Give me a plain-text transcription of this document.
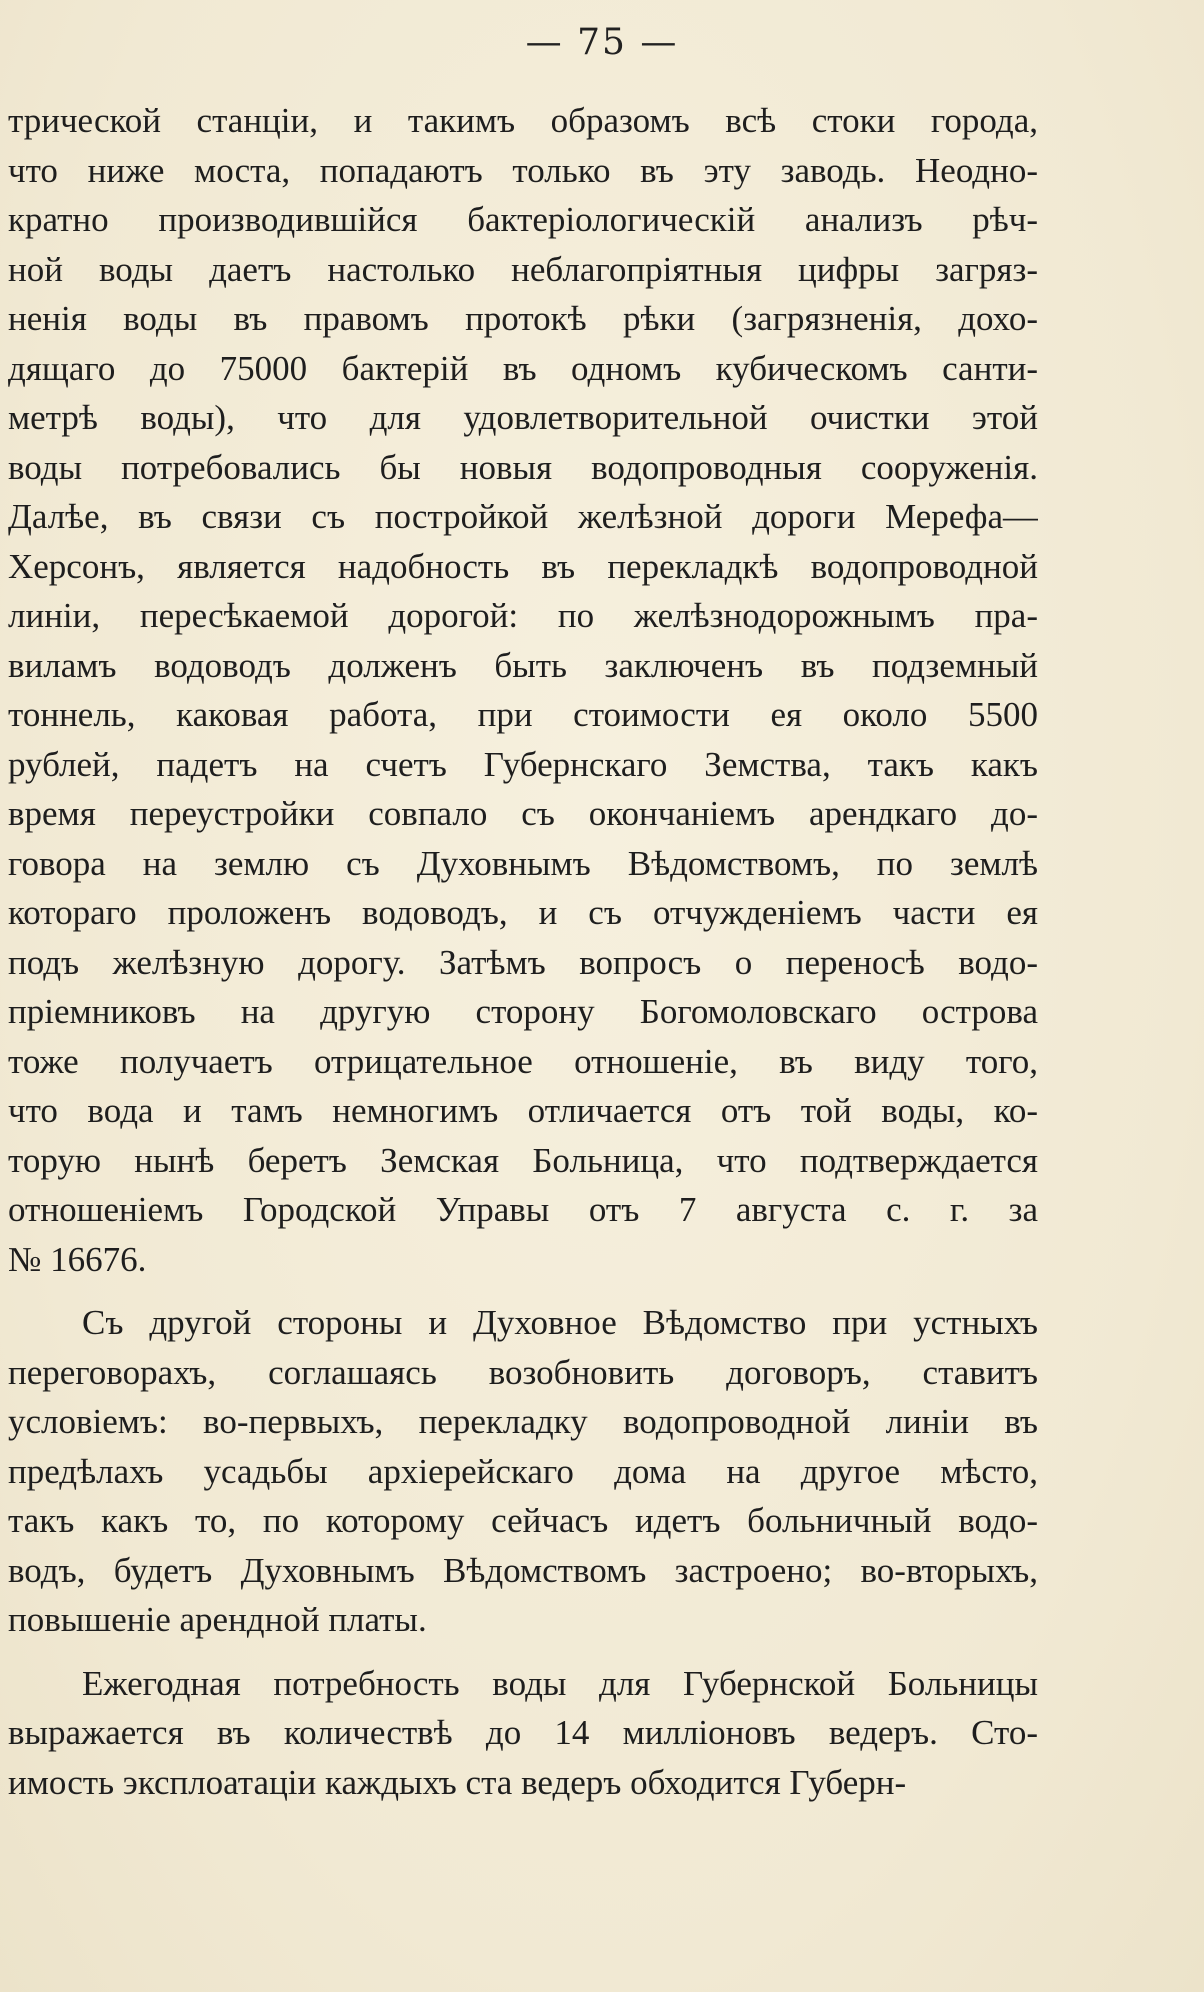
— 75 —
трической станціи, и такимъ образомъ всѣ стоки города,
что ниже моста, попадаютъ только въ эту заводь. Неодно-
кратно производившійся бактеріологическій анализъ рѣч-
ной воды даетъ настолько неблагопріятныя цифры загряз-
ненія воды въ правомъ протокѣ рѣки (загрязненія, дохо-
дящаго до 75000 бактерій въ одномъ кубическомъ санти-
метрѣ воды), что для удовлетворительной очистки этой
воды потребовались бы новыя водопроводныя сооруженія.
Далѣе, въ связи съ постройкой желѣзной дороги Мерефа—
Херсонъ, является надобность въ перекладкѣ водопроводной
линіи, пересѣкаемой дорогой: по желѣзнодорожнымъ пра-
виламъ водоводъ долженъ быть заключенъ въ подземный
тоннель, каковая работа, при стоимости ея около 5500
рублей, падетъ на счетъ Губернскаго Земства, такъ какъ
время переустройки совпало съ окончаніемъ арендкаго до-
говора на землю съ Духовнымъ Вѣдомствомъ, по землѣ
котораго проложенъ водоводъ, и съ отчужденіемъ части ея
подъ желѣзную дорогу. Затѣмъ вопросъ о переносѣ водо-
пріемниковъ на другую сторону Богомоловскаго острова
тоже получаетъ отрицательное отношеніе, въ виду того,
что вода и тамъ немногимъ отличается отъ той воды, ко-
торую нынѣ беретъ Земская Больница, что подтверждается
отношеніемъ Городской Управы отъ 7 августа с. г. за
№ 16676.
Съ другой стороны и Духовное Вѣдомство при устныхъ
переговорахъ, соглашаясь возобновить договоръ, ставитъ
условіемъ: во-первыхъ, перекладку водопроводной линіи въ
предѣлахъ усадьбы архіерейскаго дома на другое мѣсто,
такъ какъ то, по которому сейчасъ идетъ больничный водо-
водъ, будетъ Духовнымъ Вѣдомствомъ застроено; во-вторыхъ,
повышеніе арендной платы.
Ежегодная потребность воды для Губернской Больницы
выражается въ количествѣ до 14 милліоновъ ведеръ. Сто-
имость эксплоатаціи каждыхъ ста ведеръ обходится Губерн-
